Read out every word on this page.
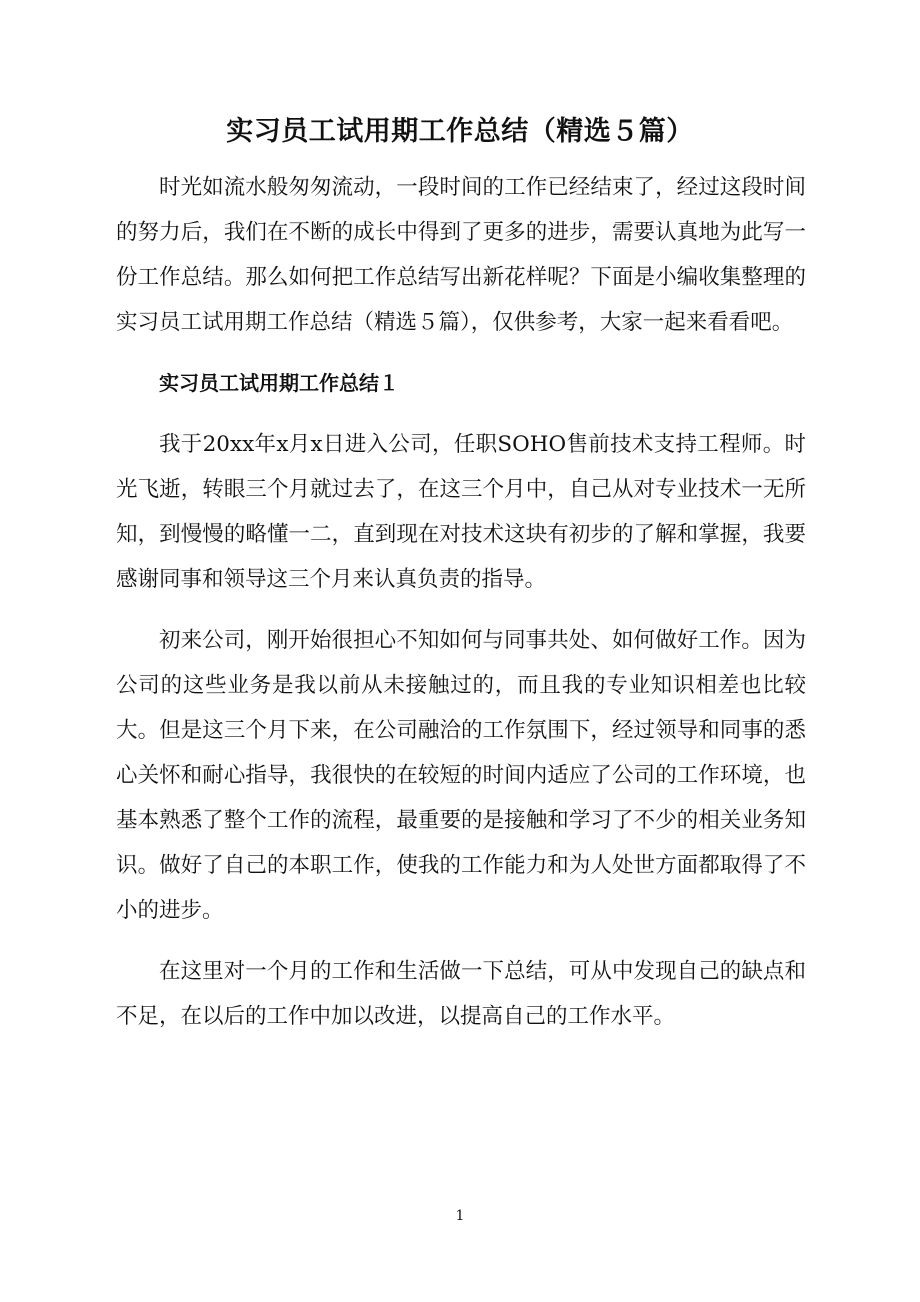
实习员工试用期工作总结（精选５篇）

时光如流水般匆匆流动，一段时间的工作已经结束了，经过这段时间的努力后，我们在不断的成长中得到了更多的进步，需要认真地为此写一份工作总结。那么如何把工作总结写出新花样呢？下面是小编收集整理的实习员工试用期工作总结（精选５篇），仅供参考，大家一起来看看吧。

实习员工试用期工作总结１

我于20xx年x月x日进入公司，任职SOHO售前技术支持工程师。时光飞逝，转眼三个月就过去了，在这三个月中，自己从对专业技术一无所知，到慢慢的略懂一二，直到现在对技术这块有初步的了解和掌握，我要感谢同事和领导这三个月来认真负责的指导。

初来公司，刚开始很担心不知如何与同事共处、如何做好工作。因为公司的这些业务是我以前从未接触过的，而且我的专业知识相差也比较大。但是这三个月下来，在公司融洽的工作氛围下，经过领导和同事的悉心关怀和耐心指导，我很快的在较短的时间内适应了公司的工作环境，也基本熟悉了整个工作的流程，最重要的是接触和学习了不少的相关业务知识。做好了自己的本职工作，使我的工作能力和为人处世方面都取得了不小的进步。

在这里对一个月的工作和生活做一下总结，可从中发现自己的缺点和不足，在以后的工作中加以改进，以提高自己的工作水平。

1
